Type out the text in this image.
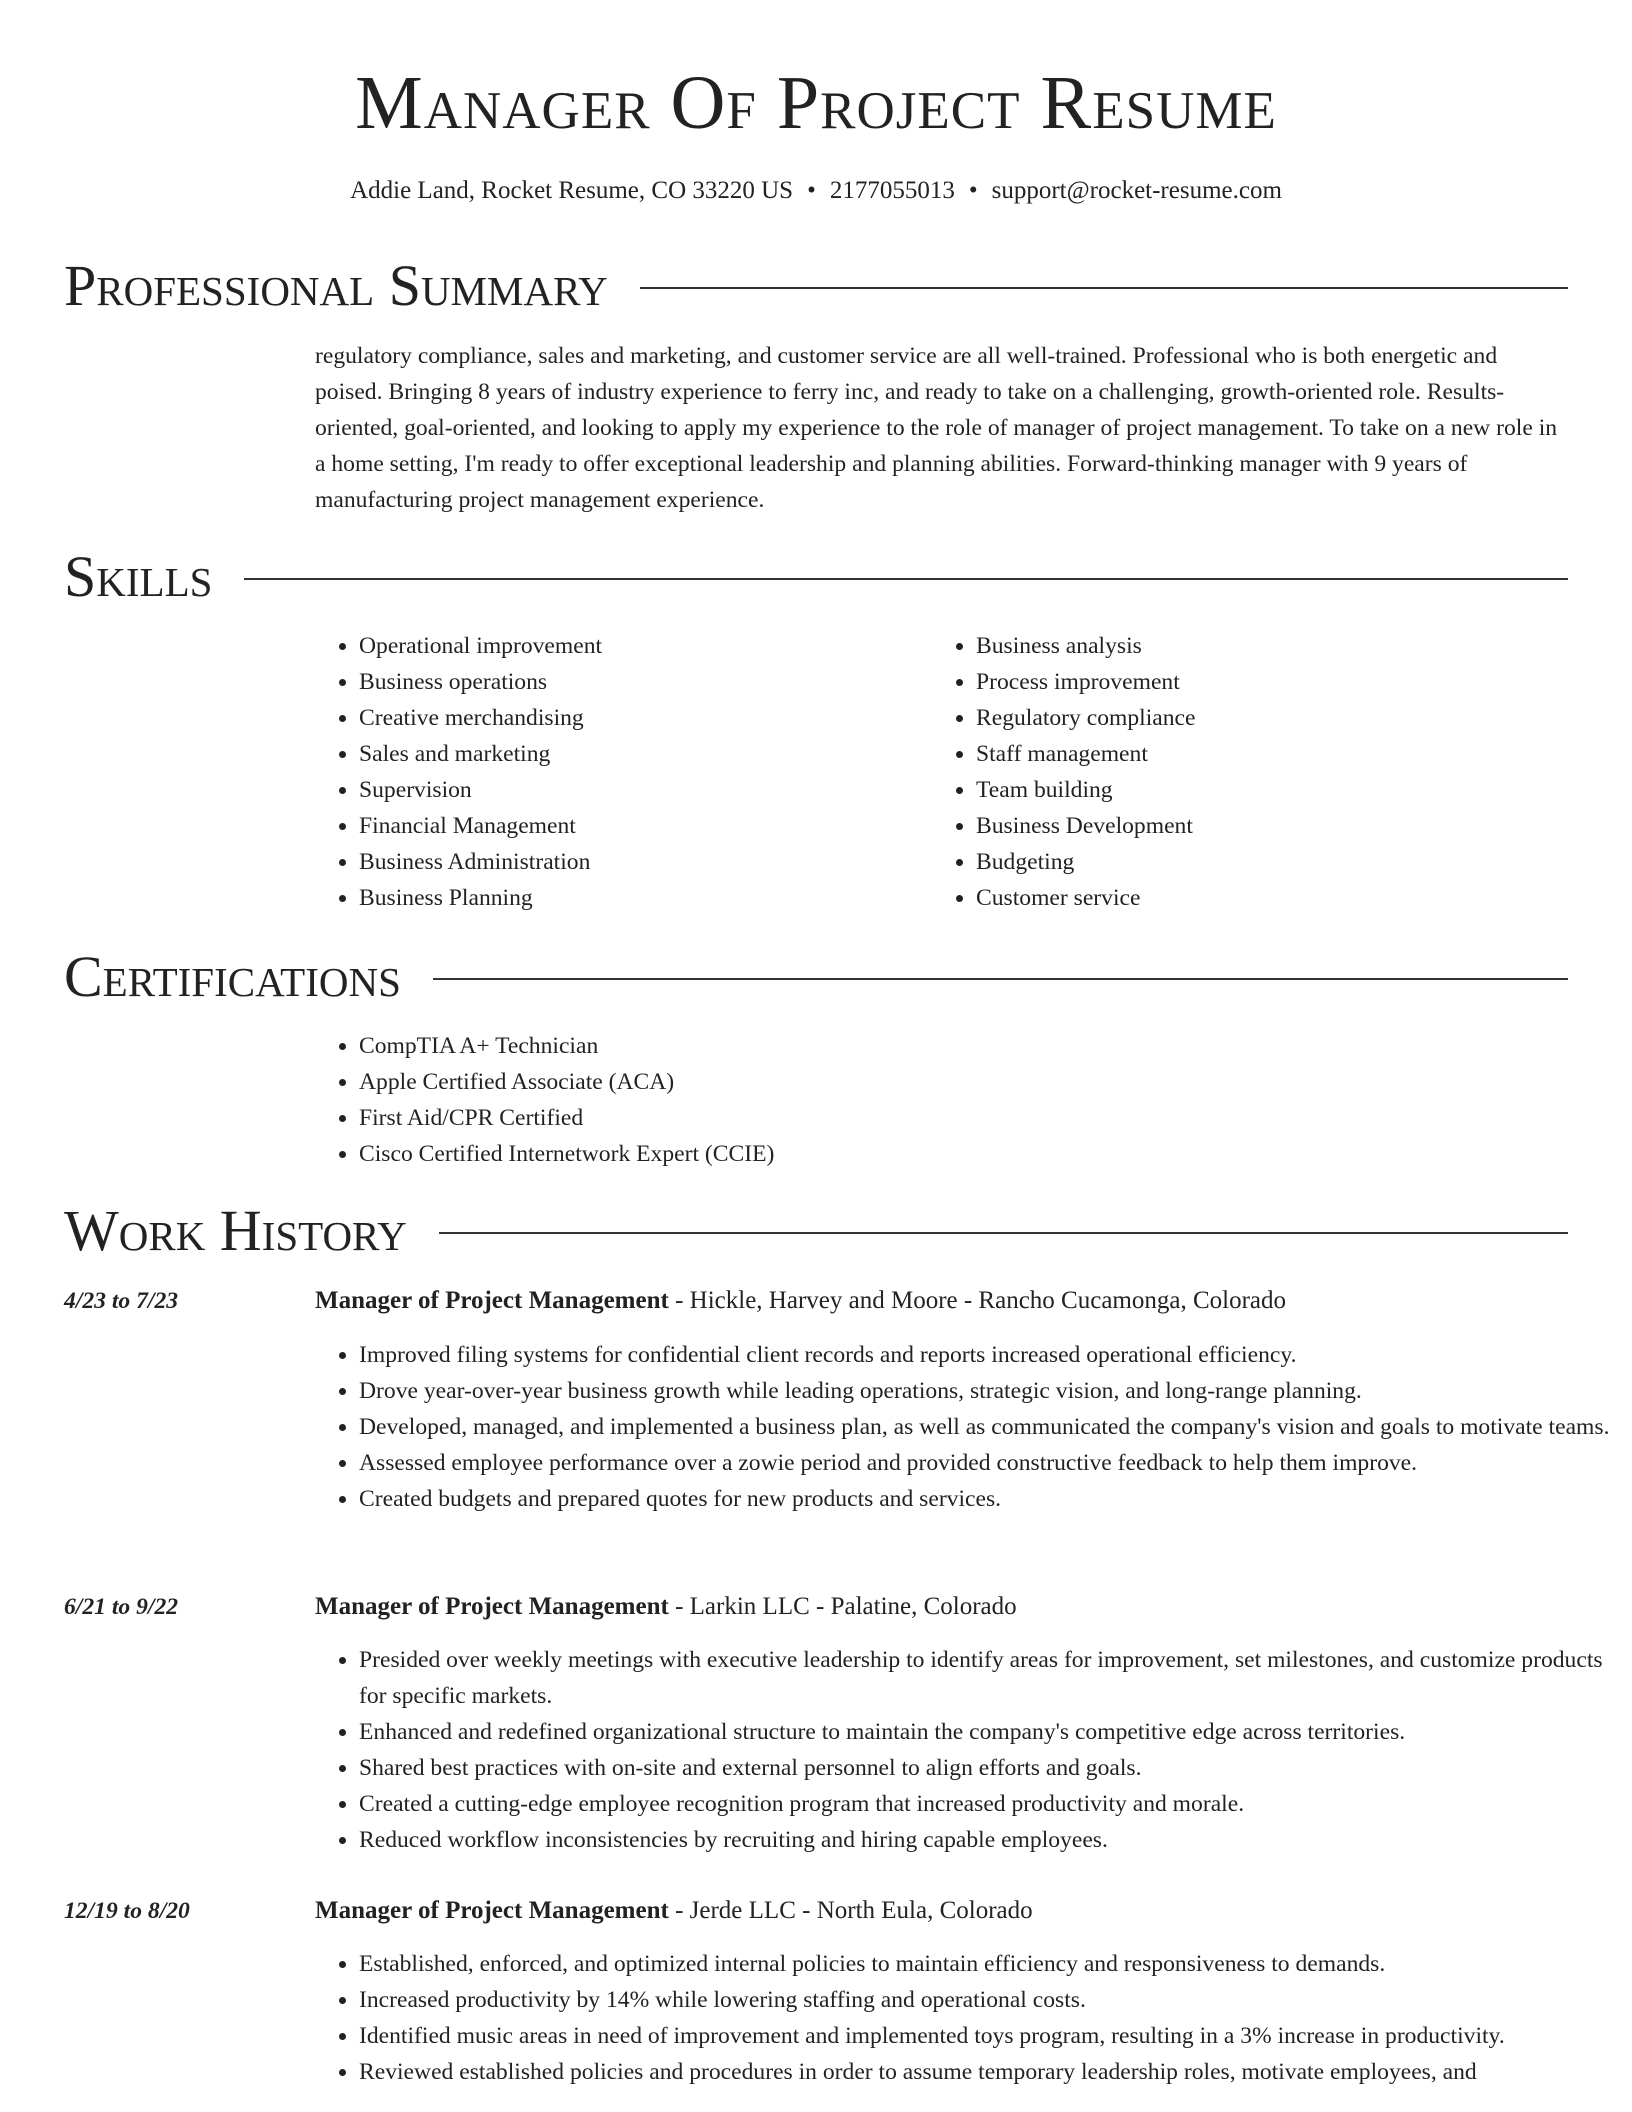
Manager Of Project Resume
Addie Land, Rocket Resume, CO 33220 US • 2177055013 • support@rocket-resume.com
Professional Summary

regulatory compliance, sales and marketing, and customer service are all well-trained. Professional who is both energetic and poised. Bringing 8 years of industry experience to ferry inc, and ready to take on a challenging, growth-oriented role. Results-oriented, goal-oriented, and looking to apply my experience to the role of manager of project management. To take on a new role in a home setting, I'm ready to offer exceptional leadership and planning abilities. Forward-thinking manager with 9 years of manufacturing project management experience.

Skills
• Operational improvement
• Business operations
• Creative merchandising
• Sales and marketing
• Supervision
• Financial Management
• Business Administration
• Business Planning
• Business analysis
• Process improvement
• Regulatory compliance
• Staff management
• Team building
• Business Development
• Budgeting
• Customer service
Certifications
• CompTIA A+ Technician
• Apple Certified Associate (ACA)
• First Aid/CPR Certified
• Cisco Certified Internetwork Expert (CCIE)
Work History
4/23 to 7/23	Manager of Project Management - Hickle, Harvey and Moore - Rancho Cucamonga, Colorado
• Improved filing systems for confidential client records and reports increased operational efficiency.
• Drove year-over-year business growth while leading operations, strategic vision, and long-range planning.
• Developed, managed, and implemented a business plan, as well as communicated the company's vision and goals to motivate teams.
• Assessed employee performance over a zowie period and provided constructive feedback to help them improve.
• Created budgets and prepared quotes for new products and services.
6/21 to 9/22	Manager of Project Management - Larkin LLC - Palatine, Colorado
• Presided over weekly meetings with executive leadership to identify areas for improvement, set milestones, and customize products for specific markets.
• Enhanced and redefined organizational structure to maintain the company's competitive edge across territories.
• Shared best practices with on-site and external personnel to align efforts and goals.
• Created a cutting-edge employee recognition program that increased productivity and morale.
• Reduced workflow inconsistencies by recruiting and hiring capable employees.
12/19 to 8/20	Manager of Project Management - Jerde LLC - North Eula, Colorado
• Established, enforced, and optimized internal policies to maintain efficiency and responsiveness to demands.
• Increased productivity by 14% while lowering staffing and operational costs.
• Identified music areas in need of improvement and implemented toys program, resulting in a 3% increase in productivity.
• Reviewed established policies and procedures in order to assume temporary leadership roles, motivate employees, and
